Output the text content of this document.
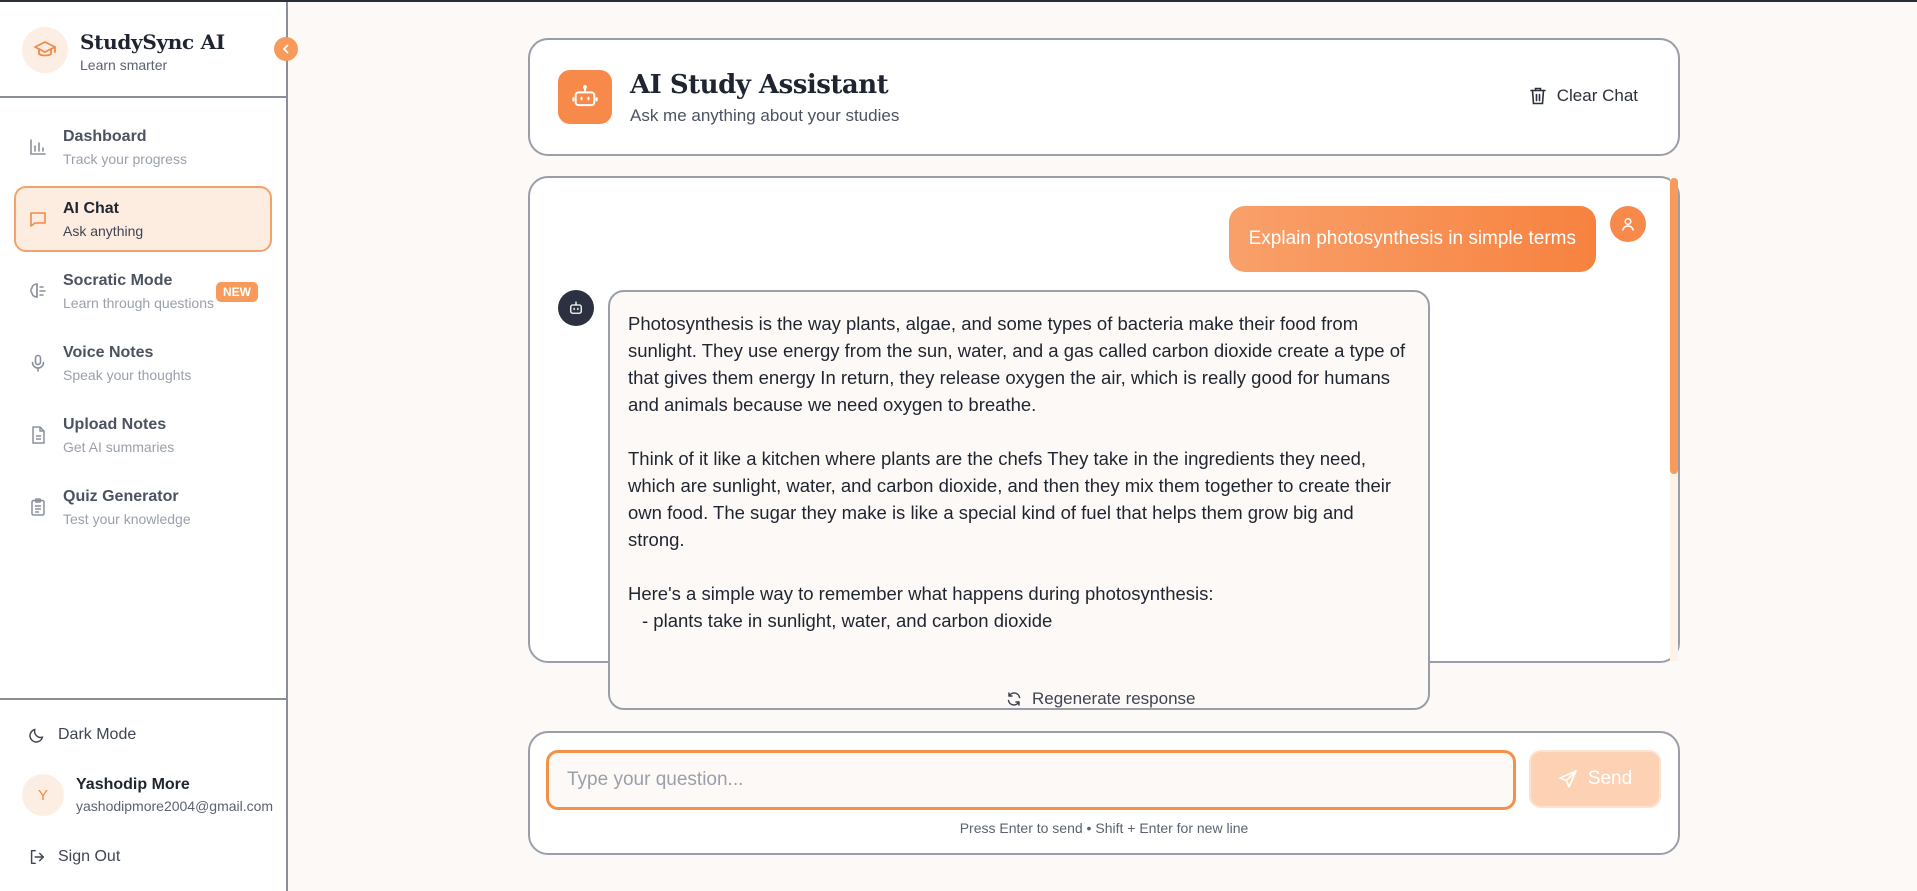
StudySync AI
Learn smarter
Dashboard
Track your progress
AI Chat
Ask anything
Socratic Mode
Learn through questions
NEW
Voice Notes
Speak your thoughts
Upload Notes
Get AI summaries
Quiz Generator
Test your knowledge
Dark Mode
Y
Yashodip More
yashodipmore2004@gmail.com
Sign Out
AI Study Assistant
Ask me anything about your studies
Clear Chat
Explain photosynthesis in simple terms

Photosynthesis is the way plants, algae, and some types of bacteria make their food from sunlight. They use energy from the sun, water, and a gas called carbon dioxide create a type of that gives them energy In return, they release oxygen the air, which is really good for humans and animals because we need oxygen to breathe.

Think of it like a kitchen where plants are the chefs They take in the ingredients they need, which are sunlight, water, and carbon dioxide, and then they mix them together to create their own food. The sugar they make is like a special kind of fuel that helps them grow big and strong.

Here's a simple way to remember what happens during photosynthesis:

- plants take in sunlight, water, and carbon dioxide
Regenerate response
Type your question...
Send
Press Enter to send • Shift + Enter for new line
